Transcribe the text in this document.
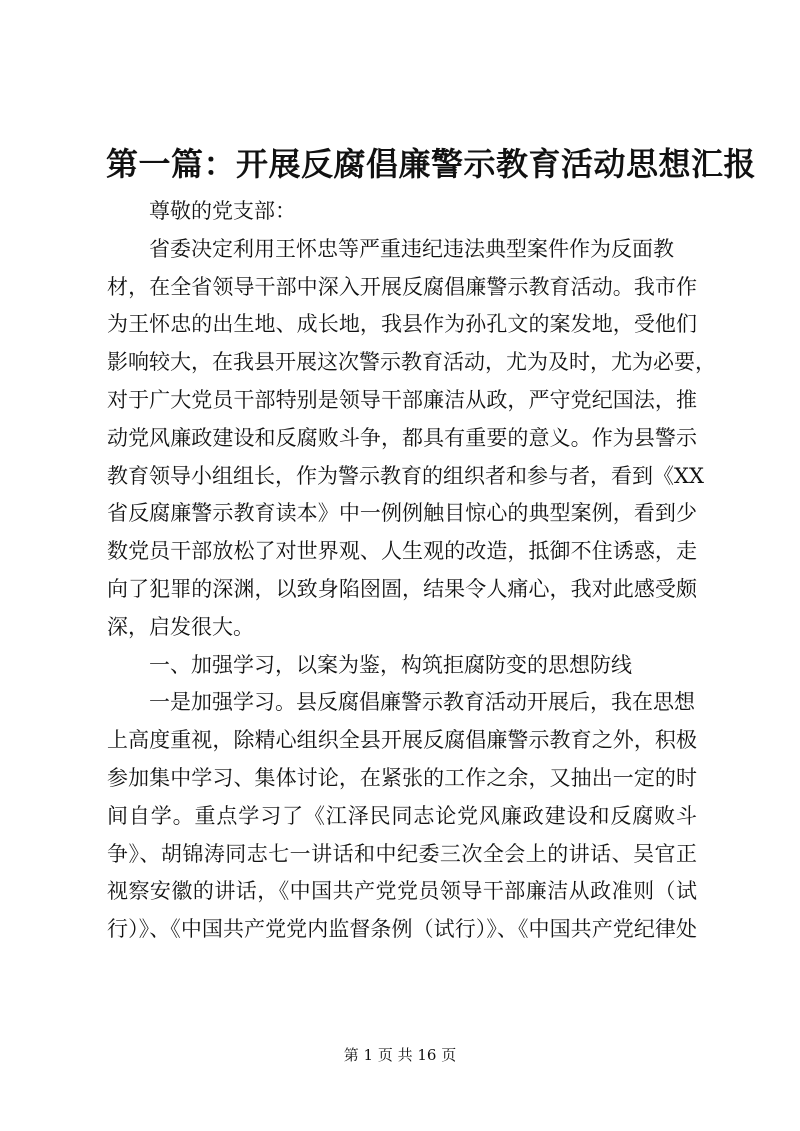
第一篇：开展反腐倡廉警示教育活动思想汇报
尊敬的党支部：
省委决定利用王怀忠等严重违纪违法典型案件作为反面教
材，在全省领导干部中深入开展反腐倡廉警示教育活动。我市作
为王怀忠的出生地、成长地，我县作为孙孔文的案发地，受他们
影响较大，在我县开展这次警示教育活动，尤为及时，尤为必要，
对于广大党员干部特别是领导干部廉洁从政，严守党纪国法，推
动党风廉政建设和反腐败斗争，都具有重要的意义。作为县警示
教育领导小组组长，作为警示教育的组织者和参与者，看到《XX
省反腐廉警示教育读本》中一例例触目惊心的典型案例，看到少
数党员干部放松了对世界观、人生观的改造，抵御不住诱惑，走
向了犯罪的深渊，以致身陷囹圄，结果令人痛心，我对此感受颇
深，启发很大。
一、加强学习，以案为鉴，构筑拒腐防变的思想防线
一是加强学习。县反腐倡廉警示教育活动开展后，我在思想
上高度重视，除精心组织全县开展反腐倡廉警示教育之外，积极
参加集中学习、集体讨论，在紧张的工作之余，又抽出一定的时
间自学。重点学习了《江泽民同志论党风廉政建设和反腐败斗
争》、胡锦涛同志七一讲话和中纪委三次全会上的讲话、吴官正
视察安徽的讲话，《中国共产党党员领导干部廉洁从政准则（试
行）》、《中国共产党党内监督条例（试行）》、《中国共产党纪律处
第 1 页 共 16 页
